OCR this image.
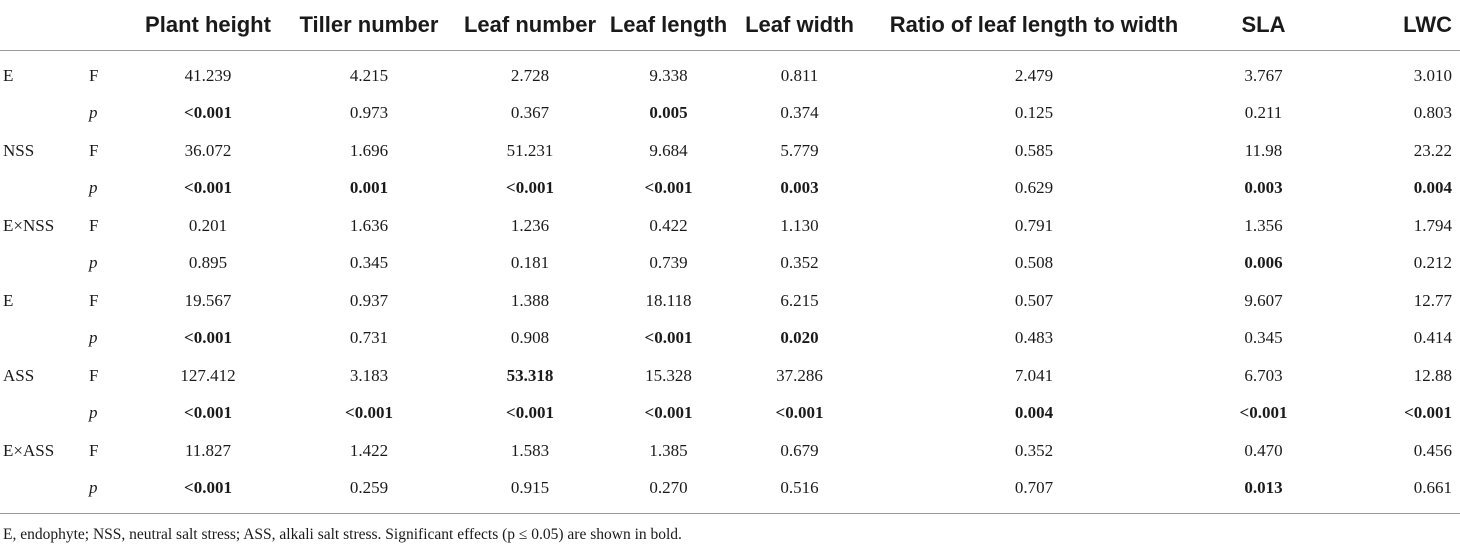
		Plant height	Tiller number	Leaf number	Leaf length	Leaf width	Ratio of leaf length to width	SLA	LWC
E	F	41.239	4.215	2.728	9.338	0.811	2.479	3.767	3.010
	p	<0.001	0.973	0.367	0.005	0.374	0.125	0.211	0.803
NSS	F	36.072	1.696	51.231	9.684	5.779	0.585	11.98	23.22
	p	<0.001	0.001	<0.001	<0.001	0.003	0.629	0.003	0.004
E×NSS	F	0.201	1.636	1.236	0.422	1.130	0.791	1.356	1.794
	p	0.895	0.345	0.181	0.739	0.352	0.508	0.006	0.212
E	F	19.567	0.937	1.388	18.118	6.215	0.507	9.607	12.77
	p	<0.001	0.731	0.908	<0.001	0.020	0.483	0.345	0.414
ASS	F	127.412	3.183	53.318	15.328	37.286	7.041	6.703	12.88
	p	<0.001	<0.001	<0.001	<0.001	<0.001	0.004	<0.001	<0.001
E×ASS	F	11.827	1.422	1.583	1.385	0.679	0.352	0.470	0.456
	p	<0.001	0.259	0.915	0.270	0.516	0.707	0.013	0.661
E, endophyte; NSS, neutral salt stress; ASS, alkali salt stress. Significant effects (p ≤ 0.05) are shown in bold.
